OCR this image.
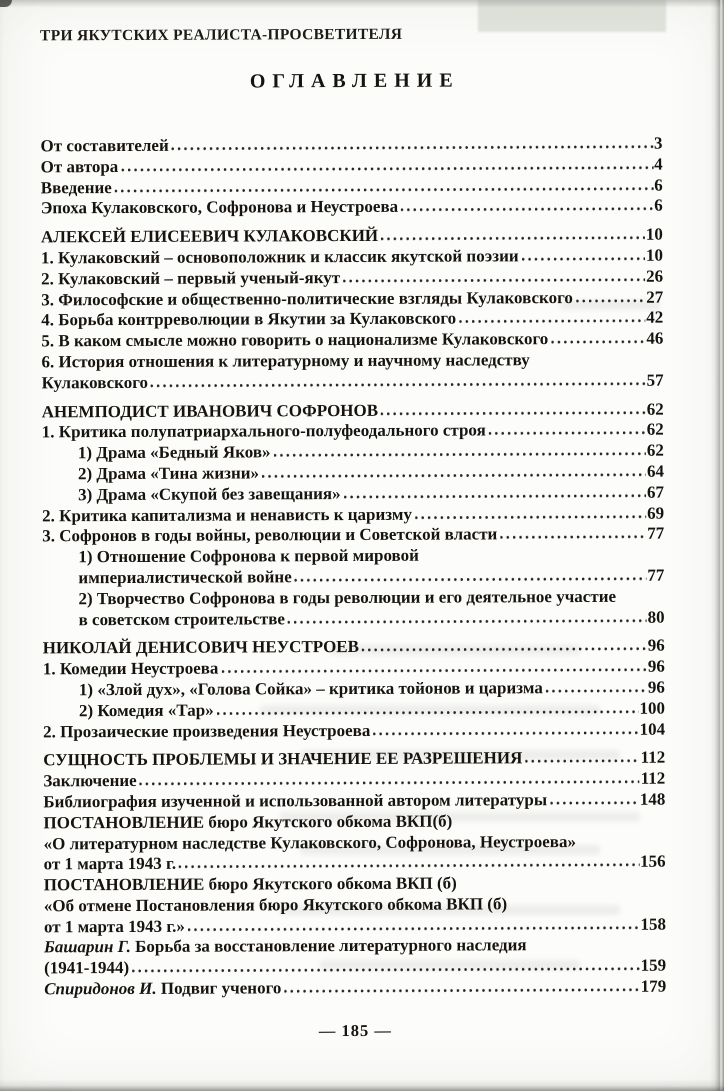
ТРИ ЯКУТСКИХ РЕАЛИСТА-ПРОСВЕТИТЕЛЯ
ОГЛАВЛЕНИЕ
От составителей	3
От автора	4
Введение	6
Эпоха Кулаковского, Софронова и Неустроева	6
АЛЕКСЕЙ ЕЛИСЕЕВИЧ КУЛАКОВСКИЙ	10
1. Кулаковский – основоположник и классик якутской поэзии	10
2. Кулаковский – первый ученый-якут	26
3. Философские и общественно-политические взгляды Кулаковского	27
4. Борьба контрреволюции в Якутии за Кулаковского	42
5. В каком смысле можно говорить о национализме Кулаковского	46
6. История отношения к литературному и научному наследству
Кулаковского	57
АНЕМПОДИСТ ИВАНОВИЧ СОФРОНОВ	62
1. Критика полупатриархального-полуфеодального строя	62
1) Драма «Бедный Яков»	62
2) Драма «Тина жизни»	64
3) Драма «Скупой без завещания»	67
2. Критика капитализма и ненависть к царизму	69
3. Софронов в годы войны, революции и Советской власти	77
1) Отношение Софронова к первой мировой
империалистической войне	77
2) Творчество Софронова в годы революции и его деятельное участие
в советском строительстве	80
НИКОЛАЙ ДЕНИСОВИЧ НЕУСТРОЕВ	96
1. Комедии Неустроева	96
1) «Злой дух», «Голова Сойка» – критика тойонов и царизма	96
2) Комедия «Тар»	100
2. Прозаические произведения Неустроева	104
СУЩНОСТЬ ПРОБЛЕМЫ И ЗНАЧЕНИЕ ЕЕ РАЗРЕШЕНИЯ	112
Заключение	112
Библиография изученной и использованной автором литературы	148
ПОСТАНОВЛЕНИЕ бюро Якутского обкома ВКП(б)
«О литературном наследстве Кулаковского, Софронова, Неустроева»
от 1 марта 1943 г.	156
ПОСТАНОВЛЕНИЕ бюро Якутского обкома ВКП (б)
«Об отмене Постановления бюро Якутского обкома ВКП (б)
от 1 марта 1943 г.»	158
Башарин Г. Борьба за восстановление литературного наследия
(1941-1944)	159
Спиридонов И. Подвиг ученого	179
— 185 —
